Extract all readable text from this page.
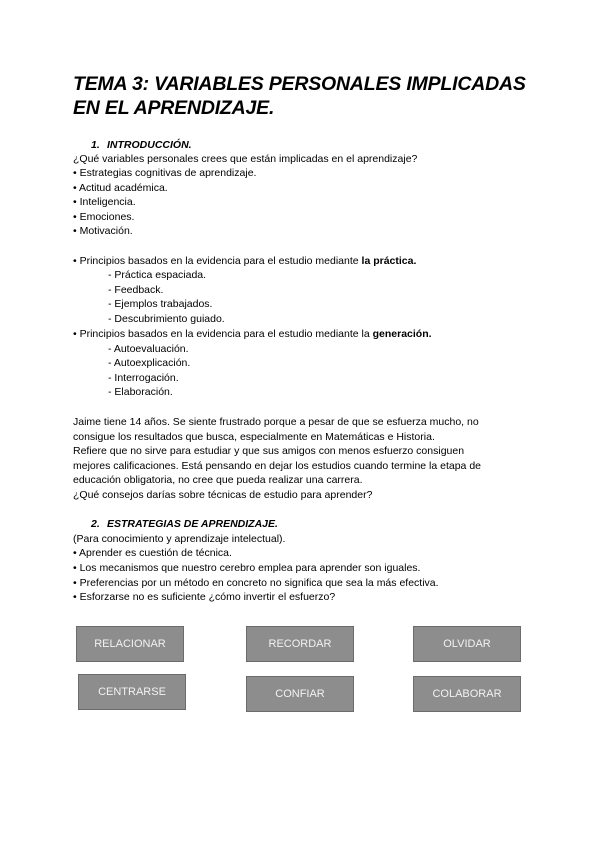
TEMA 3: VARIABLES PERSONALES IMPLICADAS EN EL APRENDIZAJE.
1. INTRODUCCIÓN.
¿Qué variables personales crees que están implicadas en el aprendizaje?
• Estrategias cognitivas de aprendizaje.
• Actitud académica.
• Inteligencia.
• Emociones.
• Motivación.
• Principios basados en la evidencia para el estudio mediante la práctica.
- Práctica espaciada.
- Feedback.
- Ejemplos trabajados.
- Descubrimiento guiado.
• Principios basados en la evidencia para el estudio mediante la generación.
- Autoevaluación.
- Autoexplicación.
- Interrogación.
- Elaboración.
Jaime tiene 14 años. Se siente frustrado porque a pesar de que se esfuerza mucho, no
consigue los resultados que busca, especialmente en Matemáticas e Historia.
Refiere que no sirve para estudiar y que sus amigos con menos esfuerzo consiguen
mejores calificaciones. Está pensando en dejar los estudios cuando termine la etapa de
educación obligatoria, no cree que pueda realizar una carrera.
¿Qué consejos darías sobre técnicas de estudio para aprender?
2. ESTRATEGIAS DE APRENDIZAJE.
(Para conocimiento y aprendizaje intelectual).
• Aprender es cuestión de técnica.
• Los mecanismos que nuestro cerebro emplea para aprender son iguales.
• Preferencias por un método en concreto no significa que sea la más efectiva.
• Esforzarse no es suficiente ¿cómo invertir el esfuerzo?
RELACIONAR	RECORDAR	OLVIDAR
CENTRARSE	CONFIAR	COLABORAR
